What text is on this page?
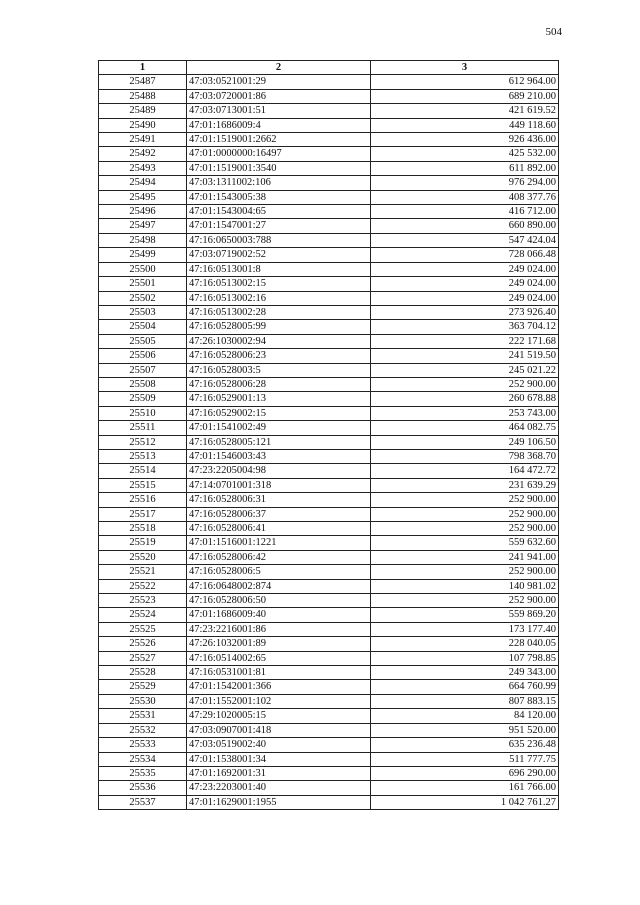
504
1	2	3
25487	47:03:0521001:29	612 964.00
25488	47:03:0720001:86	689 210.00
25489	47:03:0713001:51	421 619.52
25490	47:01:1686009:4	449 118.60
25491	47:01:1519001:2662	926 436.00
25492	47:01:0000000:16497	425 532.00
25493	47:01:1519001:3540	611 892.00
25494	47:03:1311002:106	976 294.00
25495	47:01:1543005:38	408 377.76
25496	47:01:1543004:65	416 712.00
25497	47:01:1547001:27	660 890.00
25498	47:16:0650003:788	547 424.04
25499	47:03:0719002:52	728 066.48
25500	47:16:0513001:8	249 024.00
25501	47:16:0513002:15	249 024.00
25502	47:16:0513002:16	249 024.00
25503	47:16:0513002:28	273 926.40
25504	47:16:0528005:99	363 704.12
25505	47:26:1030002:94	222 171.68
25506	47:16:0528006:23	241 519.50
25507	47:16:0528003:5	245 021.22
25508	47:16:0528006:28	252 900.00
25509	47:16:0529001:13	260 678.88
25510	47:16:0529002:15	253 743.00
25511	47:01:1541002:49	464 082.75
25512	47:16:0528005:121	249 106.50
25513	47:01:1546003:43	798 368.70
25514	47:23:2205004:98	164 472.72
25515	47:14:0701001:318	231 639.29
25516	47:16:0528006:31	252 900.00
25517	47:16:0528006:37	252 900.00
25518	47:16:0528006:41	252 900.00
25519	47:01:1516001:1221	559 632.60
25520	47:16:0528006:42	241 941.00
25521	47:16:0528006:5	252 900.00
25522	47:16:0648002:874	140 981.02
25523	47:16:0528006:50	252 900.00
25524	47:01:1686009:40	559 869.20
25525	47:23:2216001:86	173 177.40
25526	47:26:1032001:89	228 040.05
25527	47:16:0514002:65	107 798.85
25528	47:16:0531001:81	249 343.00
25529	47:01:1542001:366	664 760.99
25530	47:01:1552001:102	807 883.15
25531	47:29:1020005:15	84 120.00
25532	47:03:0907001:418	951 520.00
25533	47:03:0519002:40	635 236.48
25534	47:01:1538001:34	511 777.75
25535	47:01:1692001:31	696 290.00
25536	47:23:2203001:40	161 766.00
25537	47:01:1629001:1955	1 042 761.27
